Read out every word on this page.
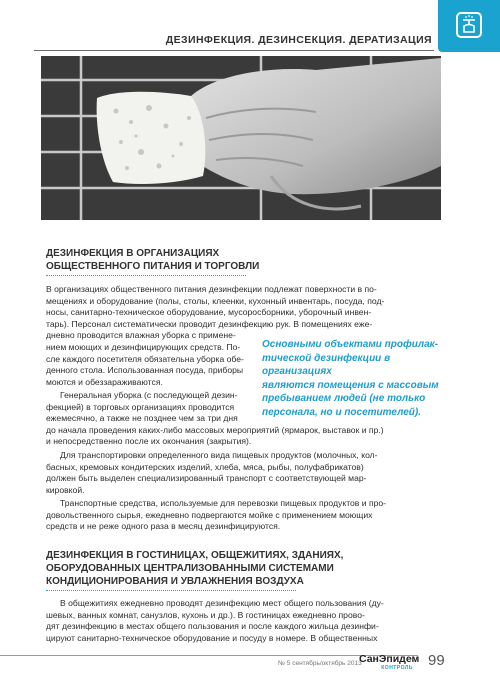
ДЕЗИНФЕКЦИЯ. ДЕЗИНСЕКЦИЯ. ДЕРАТИЗАЦИЯ
ДЕЗИНФЕКЦИЯ В ОРГАНИЗАЦИЯХ
ОБЩЕСТВЕННОГО ПИТАНИЯ И ТОРГОВЛИ
В организациях общественного питания дезинфекции подлежат поверхности в по-
мещениях и оборудование (полы, столы, клеенки, кухонный инвентарь, посуда, под-
носы, санитарно-техническое оборудование, мусоросборники, уборочный инвен-
тарь). Персонал систематически проводит дезинфекцию рук. В помещениях еже-
дневно проводится влажная уборка с примене-
нием моющих и дезинфицирующих средств. По-
сле каждого посетителя обязательна уборка обе-
денного стола. Использованная посуда, приборы
моются и обеззараживаются.
Генеральная уборка (с последующей дезин-
фекцией) в торговых организациях проводится
ежемесячно, а также не позднее чем за три дня
до начала проведения каких-либо массовых мероприятий (ярмарок, выставок и пр.)
и непосредственно после их окончания (закрытия).
Для транспортировки определенного вида пищевых продуктов (молочных, кол-
басных, кремовых кондитерских изделий, хлеба, мяса, рыбы, полуфабрикатов)
должен быть выделен специализированный транспорт с соответствующей мар-
кировкой.
Транспортные средства, используемые для перевозки пищевых продуктов и про-
довольственного сырья, ежедневно подвергаются мойке с применением моющих
средств и не реже одного раза в месяц дезинфицируются.
Основными объектами профилак-
тической дезинфекции в организациях
являются помещения с массовым
пребыванием людей (не только
персонала, но и посетителей).
ДЕЗИНФЕКЦИЯ В ГОСТИНИЦАХ, ОБЩЕЖИТИЯХ, ЗДАНИЯХ,
ОБОРУДОВАННЫХ ЦЕНТРАЛИЗОВАННЫМИ СИСТЕМАМИ
КОНДИЦИОНИРОВАНИЯ И УВЛАЖНЕНИЯ ВОЗДУХА
В общежитиях ежедневно проводят дезинфекцию мест общего пользования (ду-
шевых, ванных комнат, санузлов, кухонь и др.). В гостиницах ежедневно прово-
дят дезинфекцию в местах общего пользования и после каждого жильца дезинфи-
цируют санитарно-техническое оборудование и посуду в номере. В общественных
№ 5 сентябрь/октябрь 2013
СанЭпидем
КОНТРОЛЬ 99
